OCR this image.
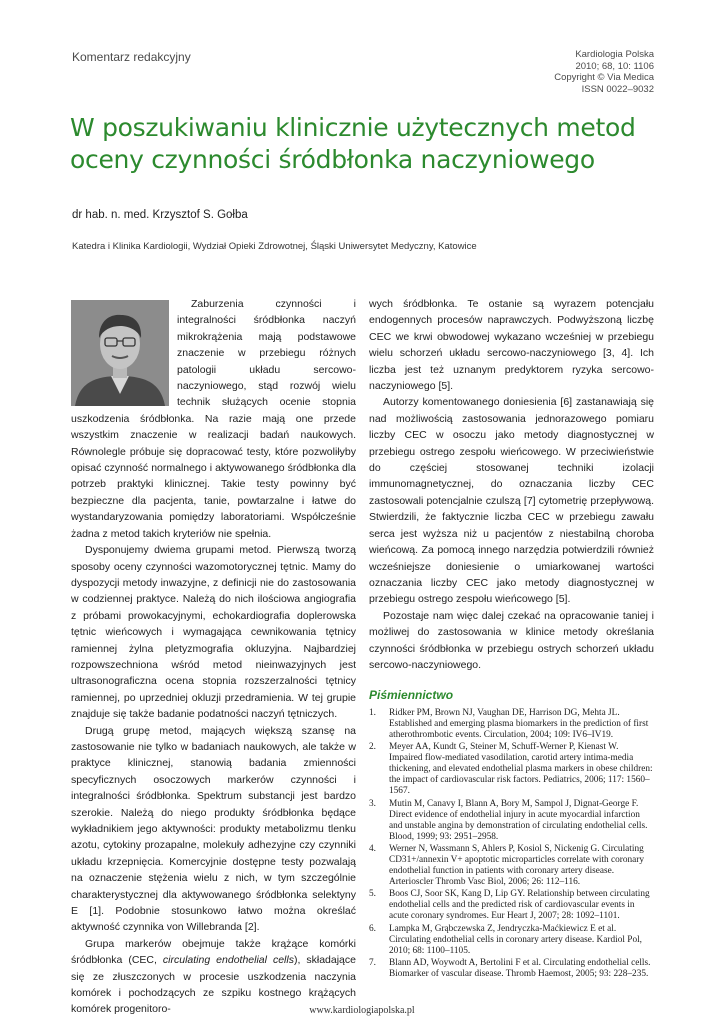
Komentarz redakcyjny	Kardiologia Polska
2010; 68, 10: 1106
Copyright © Via Medica
ISSN 0022–9032
W poszukiwaniu klinicznie użytecznych metod
oceny czynności śródbłonka naczyniowego
dr hab. n. med. Krzysztof S. Gołba
Katedra i Klinika Kardiologii, Wydział Opieki Zdrowotnej, Śląski Uniwersytet Medyczny, Katowice

Zaburzenia czynności i integralności śródbłonka naczyń mikrokrążenia mają podstawowe znaczenie w przebiegu różnych patologii układu sercowo-naczyniowego, stąd rozwój wielu technik służących ocenie stopnia uszkodzenia śródbłonka. Na razie mają one przede wszystkim znaczenie w realizacji badań naukowych. Równolegle próbuje się dopracować testy, które pozwoliłyby opisać czynność normalnego i aktywowanego śródbłonka dla potrzeb praktyki klinicznej. Takie testy powinny być bezpieczne dla pacjenta, tanie, powtarzalne i łatwe do wystandaryzowania pomiędzy laboratoriami. Współcześnie żadna z metod takich kryteriów nie spełnia.

Dysponujemy dwiema grupami metod. Pierwszą tworzą sposoby oceny czynności wazomotorycznej tętnic. Mamy do dyspozycji metody inwazyjne, z definicji nie do zastosowania w codziennej praktyce. Należą do nich ilościowa angiografia z próbami prowokacyjnymi, echokardiografia doplerowska tętnic wieńcowych i wymagająca cewnikowania tętnicy ramiennej żylna pletyzmografia okluzyjna. Najbardziej rozpowszechniona wśród metod nieinwazyjnych jest ultrasonograficzna ocena stopnia rozszerzalności tętnicy ramiennej, po uprzedniej okluzji przedramienia. W tej grupie znajduje się także badanie podatności naczyń tętniczych.

Drugą grupę metod, mających większą szansę na zastosowanie nie tylko w badaniach naukowych, ale także w praktyce klinicznej, stanowią badania zmienności specyficznych osoczowych markerów czynności i integralności śródbłonka. Spektrum substancji jest bardzo szerokie. Należą do niego produkty śródbłonka będące wykładnikiem jego aktywności: produkty metabolizmu tlenku azotu, cytokiny prozapalne, molekuły adhezyjne czy czynniki układu krzepnięcia. Komercyjnie dostępne testy pozwalają na oznaczenie stężenia wielu z nich, w tym szczególnie charakterystycznej dla aktywowanego śródbłonka selektyny E [1]. Podobnie stosunkowo łatwo można określać aktywność czynnika von Willebranda [2].

Grupa markerów obejmuje także krążące komórki śródbłonka (CEC, circulating endothelial cells), składające się ze złuszczonych w procesie uszkodzenia naczynia komórek i pochodzących ze szpiku kostnego krążących komórek progenitoro-

wych śródbłonka. Te ostanie są wyrazem potencjału endogennych procesów naprawczych. Podwyższoną liczbę CEC we krwi obwodowej wykazano wcześniej w przebiegu wielu schorzeń układu sercowo-naczyniowego [3, 4]. Ich liczba jest też uznanym predyktorem ryzyka sercowo-naczyniowego [5].

Autorzy komentowanego doniesienia [6] zastanawiają się nad możliwością zastosowania jednorazowego pomiaru liczby CEC w osoczu jako metody diagnostycznej w przebiegu ostrego zespołu wieńcowego. W przeciwieństwie do częściej stosowanej techniki izolacji immunomagnetycznej, do oznaczania liczby CEC zastosowali potencjalnie czulszą [7] cytometrię przepływową. Stwierdzili, że faktycznie liczba CEC w przebiegu zawału serca jest wyższa niż u pacjentów z niestabilną choroba wieńcową. Za pomocą innego narzędzia potwierdzili również wcześniejsze doniesienie o umiarkowanej wartości oznaczania liczby CEC jako metody diagnostycznej w przebiegu ostrego zespołu wieńcowego [5].

Pozostaje nam więc dalej czekać na opracowanie taniej i możliwej do zastosowania w klinice metody określania czynności śródbłonka w przebiegu ostrych schorzeń układu sercowo-naczyniowego.

Piśmiennictwo
1. Ridker PM, Brown NJ, Vaughan DE, Harrison DG, Mehta JL. Established and emerging plasma biomarkers in the prediction of first atherothrombotic events. Circulation, 2004; 109: IV6–IV19.
2. Meyer AA, Kundt G, Steiner M, Schuff-Werner P, Kienast W. Impaired flow-mediated vasodilation, carotid artery intima-media thickening, and elevated endothelial plasma markers in obese children: the impact of cardiovascular risk factors. Pediatrics, 2006; 117: 1560–1567.
3. Mutin M, Canavy I, Blann A, Bory M, Sampol J, Dignat-George F. Direct evidence of endothelial injury in acute myocardial infarction and unstable angina by demonstration of circulating endothelial cells. Blood, 1999; 93: 2951–2958.
4. Werner N, Wassmann S, Ahlers P, Kosiol S, Nickenig G. Circulating CD31+/annexin V+ apoptotic microparticles correlate with coronary endothelial function in patients with coronary artery disease. Arterioscler Thromb Vasc Biol, 2006; 26: 112–116.
5. Boos CJ, Soor SK, Kang D, Lip GY. Relationship between circulating endothelial cells and the predicted risk of cardiovascular events in acute coronary syndromes. Eur Heart J, 2007; 28: 1092–1101.
6. Lampka M, Grąbczewska Z, Jendryczka-Maćkiewicz E et al. Circulating endothelial cells in coronary artery disease. Kardiol Pol, 2010; 68: 1100–1105.
7. Blann AD, Woywodt A, Bertolini F et al. Circulating endothelial cells. Biomarker of vascular disease. Thromb Haemost, 2005; 93: 228–235.
www.kardiologiapolska.pl
